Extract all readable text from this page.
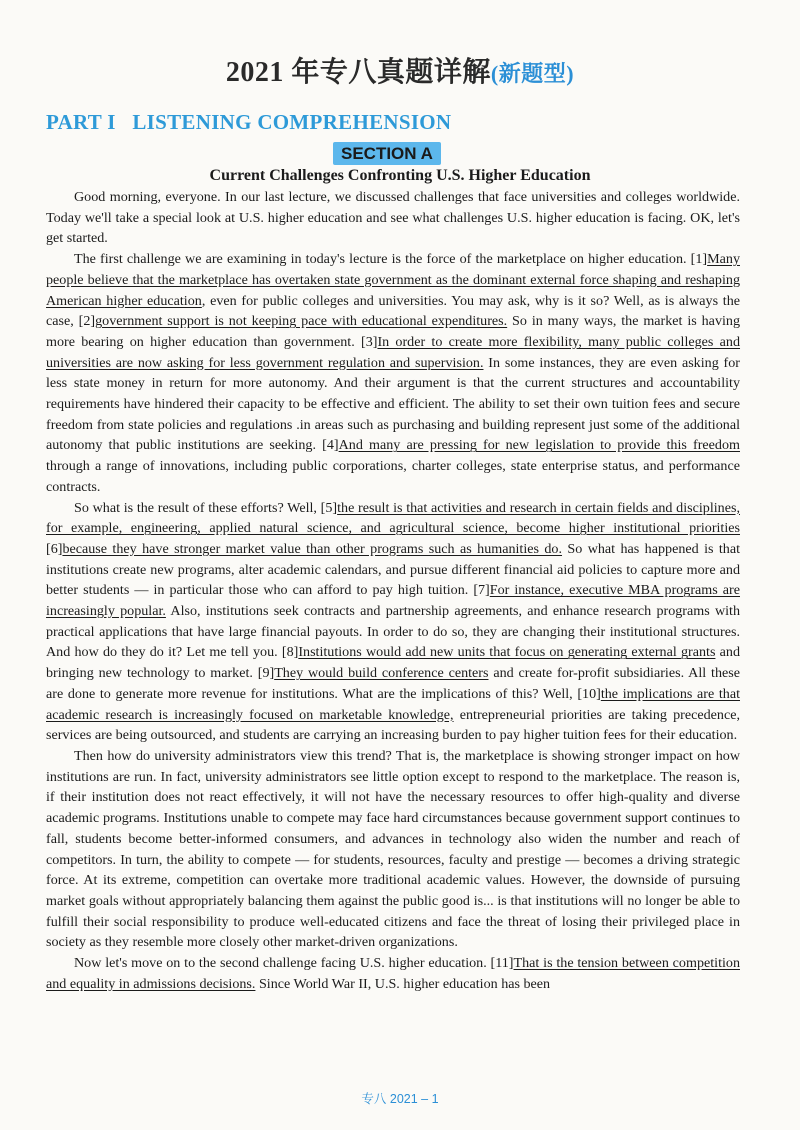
2021 年专八真题详解(新题型)
PART I   LISTENING COMPREHENSION
SECTION A
Current Challenges Confronting U.S. Higher Education

Good morning, everyone. In our last lecture, we discussed challenges that face universities and colleges worldwide. Today we'll take a special look at U.S. higher education and see what challenges U.S. higher education is facing. OK, let's get started.

The first challenge we are examining in today's lecture is the force of the marketplace on higher education. [1]Many people believe that the marketplace has overtaken state government as the dominant external force shaping and reshaping American higher education, even for public colleges and universities. You may ask, why is it so? Well, as is always the case, [2]government support is not keeping pace with educational expenditures. So in many ways, the market is having more bearing on higher education than government. [3]In order to create more flexibility, many public colleges and universities are now asking for less government regulation and supervision. In some instances, they are even asking for less state money in return for more autonomy. And their argument is that the current structures and accountability requirements have hindered their capacity to be effective and efficient. The ability to set their own tuition fees and secure freedom from state policies and regulations .in areas such as purchasing and building represent just some of the additional autonomy that public institutions are seeking. [4]And many are pressing for new legislation to provide this freedom through a range of innovations, including public corporations, charter colleges, state enterprise status, and performance contracts.

So what is the result of these efforts? Well, [5]the result is that activities and research in certain fields and disciplines, for example, engineering, applied natural science, and agricultural science, become higher institutional priorities [6]because they have stronger market value than other programs such as humanities do. So what has happened is that institutions create new programs, alter academic calendars, and pursue different financial aid policies to capture more and better students — in particular those who can afford to pay high tuition. [7]For instance, executive MBA programs are increasingly popular. Also, institutions seek contracts and partnership agreements, and enhance research programs with practical applications that have large financial payouts. In order to do so, they are changing their institutional structures. And how do they do it? Let me tell you. [8]Institutions would add new units that focus on generating external grants and bringing new technology to market. [9]They would build conference centers and create for-profit subsidiaries. All these are done to generate more revenue for institutions. What are the implications of this? Well, [10]the implications are that academic research is increasingly focused on marketable knowledge, entrepreneurial priorities are taking precedence, services are being outsourced, and students are carrying an increasing burden to pay higher tuition fees for their education.

Then how do university administrators view this trend? That is, the marketplace is showing stronger impact on how institutions are run. In fact, university administrators see little option except to respond to the marketplace. The reason is, if their institution does not react effectively, it will not have the necessary resources to offer high-quality and diverse academic programs. Institutions unable to compete may face hard circumstances because government support continues to fall, students become better-informed consumers, and advances in technology also widen the number and reach of competitors. In turn, the ability to compete — for students, resources, faculty and prestige — becomes a driving strategic force. At its extreme, competition can overtake more traditional academic values. However, the downside of pursuing market goals without appropriately balancing them against the public good is... is that institutions will no longer be able to fulfill their social responsibility to produce well-educated citizens and face the threat of losing their privileged place in society as they resemble more closely other market-driven organizations.

Now let's move on to the second challenge facing U.S. higher education. [11]That is the tension between competition and equality in admissions decisions. Since World War II, U.S. higher education has been

专八 2021 – 1
